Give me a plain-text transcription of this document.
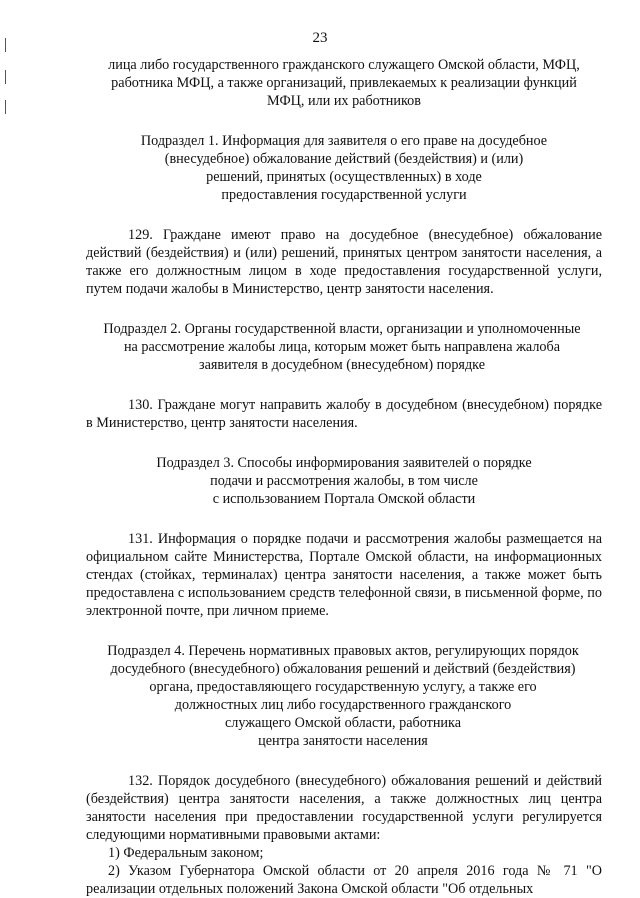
23
лица либо государственного гражданского служащего Омской области, МФЦ,
работника МФЦ, а также организаций, привлекаемых к реализации функций
МФЦ, или их работников
Подраздел 1. Информация для заявителя о его праве на досудебное
(внесудебное) обжалование действий (бездействия) и (или)
решений, принятых (осуществленных) в ходе
предоставления государственной услуги

129. Граждане имеют право на досудебное (внесудебное) обжалование действий (бездействия) и (или) решений, принятых центром занятости населения, а также его должностным лицом в ходе предоставления государственной услуги, путем подачи жалобы в Министерство, центр занятости населения.

Подраздел 2. Органы государственной власти, организации и уполномоченные
на рассмотрение жалобы лица, которым может быть направлена жалоба
заявителя в досудебном (внесудебном) порядке

130. Граждане могут направить жалобу в досудебном (внесудебном) порядке в Министерство, центр занятости населения.

Подраздел 3. Способы информирования заявителей о порядке
подачи и рассмотрения жалобы, в том числе
с использованием Портала Омской области

131. Информация о порядке подачи и рассмотрения жалобы размещается на официальном сайте Министерства, Портале Омской области, на информационных стендах (стойках, терминалах) центра занятости населения, а также может быть предоставлена с использованием средств телефонной связи, в письменной форме, по электронной почте, при личном приеме.

Подраздел 4. Перечень нормативных правовых актов, регулирующих порядок
досудебного (внесудебного) обжалования решений и действий (бездействия)
органа, предоставляющего государственную услугу, а также его
должностных лиц либо государственного гражданского
служащего Омской области, работника
центра занятости населения

132. Порядок досудебного (внесудебного) обжалования решений и действий (бездействия) центра занятости населения, а также должностных лиц центра занятости населения при предоставлении государственной услуги регулируется следующими нормативными правовыми актами:

1) Федеральным законом;

2) Указом Губернатора Омской области от 20 апреля 2016 года № 71 "О реализации отдельных положений Закона Омской области "Об отдельных
